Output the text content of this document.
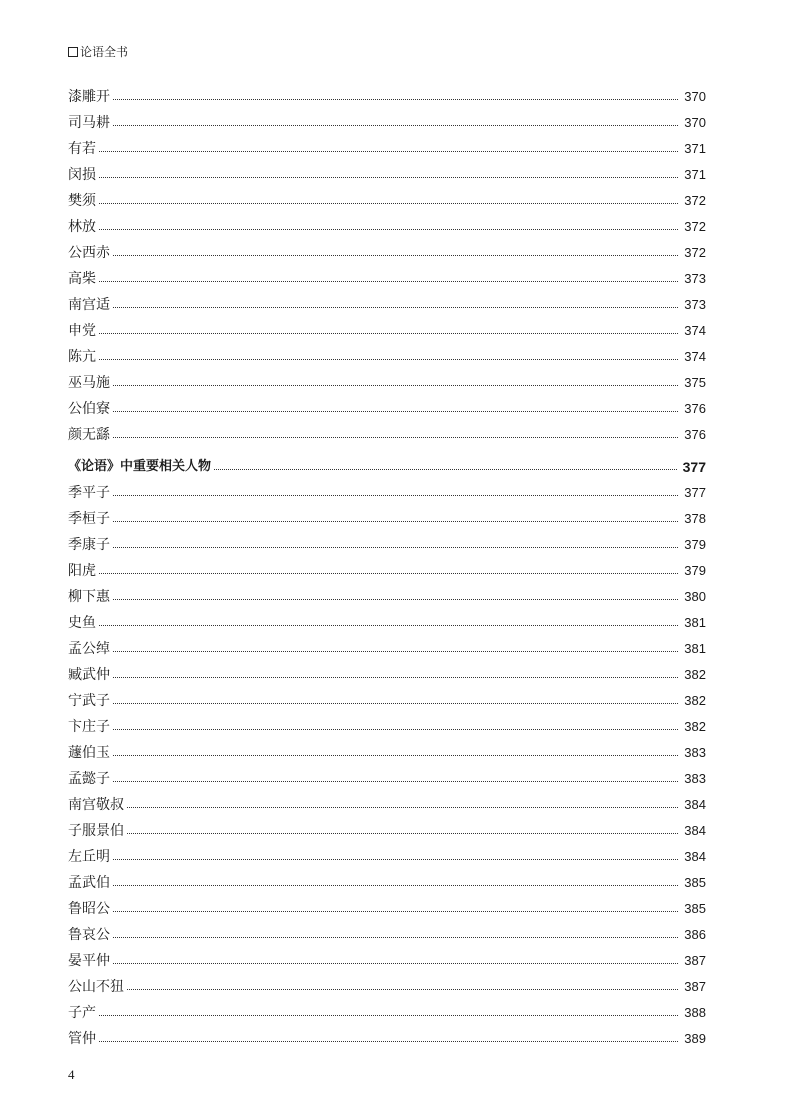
论语全书
漆雕开	370
司马耕	370
有若	371
闵损	371
樊须	372
林放	372
公西赤	372
高柴	373
南宫适	373
申党	374
陈亢	374
巫马施	375
公伯寮	376
颜无繇	376
《论语》中重要相关人物	377
季平子	377
季桓子	378
季康子	379
阳虎	379
柳下惠	380
史鱼	381
孟公绰	381
臧武仲	382
宁武子	382
卞庄子	382
蘧伯玉	383
孟懿子	383
南宫敬叔	384
子服景伯	384
左丘明	384
孟武伯	385
鲁昭公	385
鲁哀公	386
晏平仲	387
公山不狃	387
子产	388
管仲	389
4
